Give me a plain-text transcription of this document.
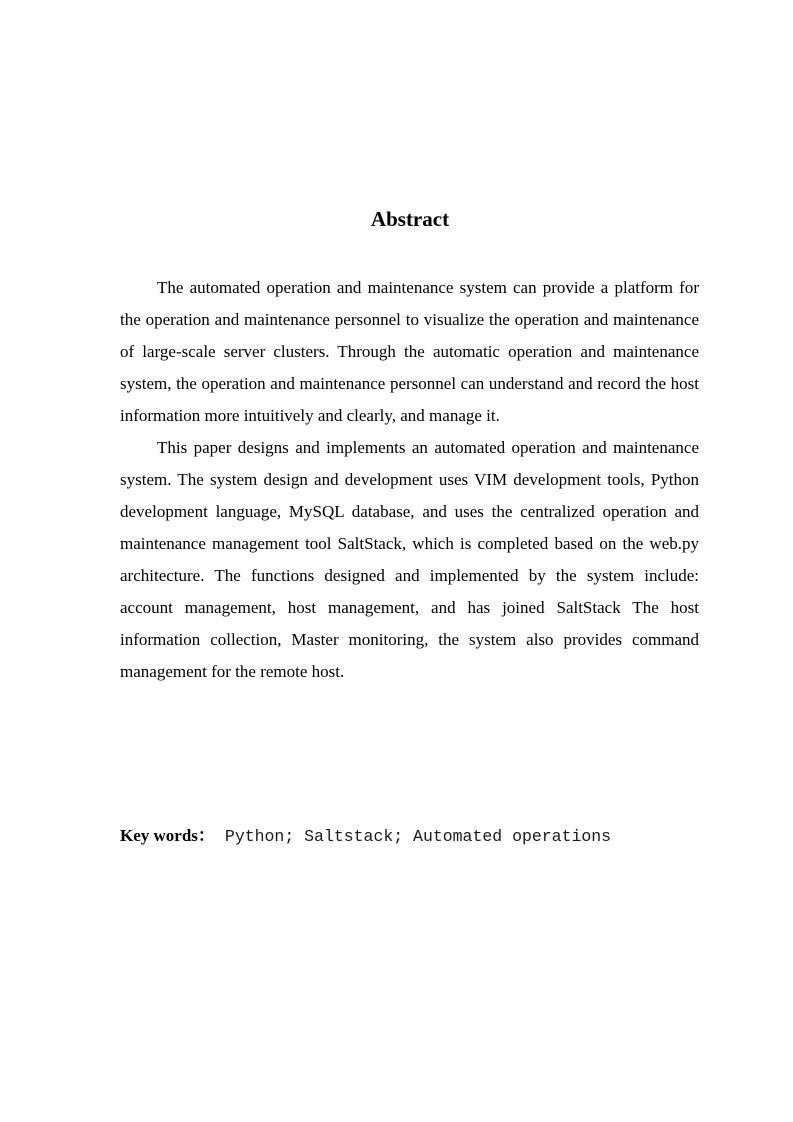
Abstract

The automated operation and maintenance system can provide a platform for the operation and maintenance personnel to visualize the operation and maintenance of large-scale server clusters. Through the automatic operation and maintenance system, the operation and maintenance personnel can understand and record the host information more intuitively and clearly, and manage it.

This paper designs and implements an automated operation and maintenance system. The system design and development uses VIM development tools, Python development language, MySQL database, and uses the centralized operation and maintenance management tool SaltStack, which is completed based on the web.py architecture. The functions designed and implemented by the system include: account management, host management, and has joined SaltStack The host information collection, Master monitoring, the system also provides command management for the remote host.

Key words： Python; Saltstack; Automated operations
